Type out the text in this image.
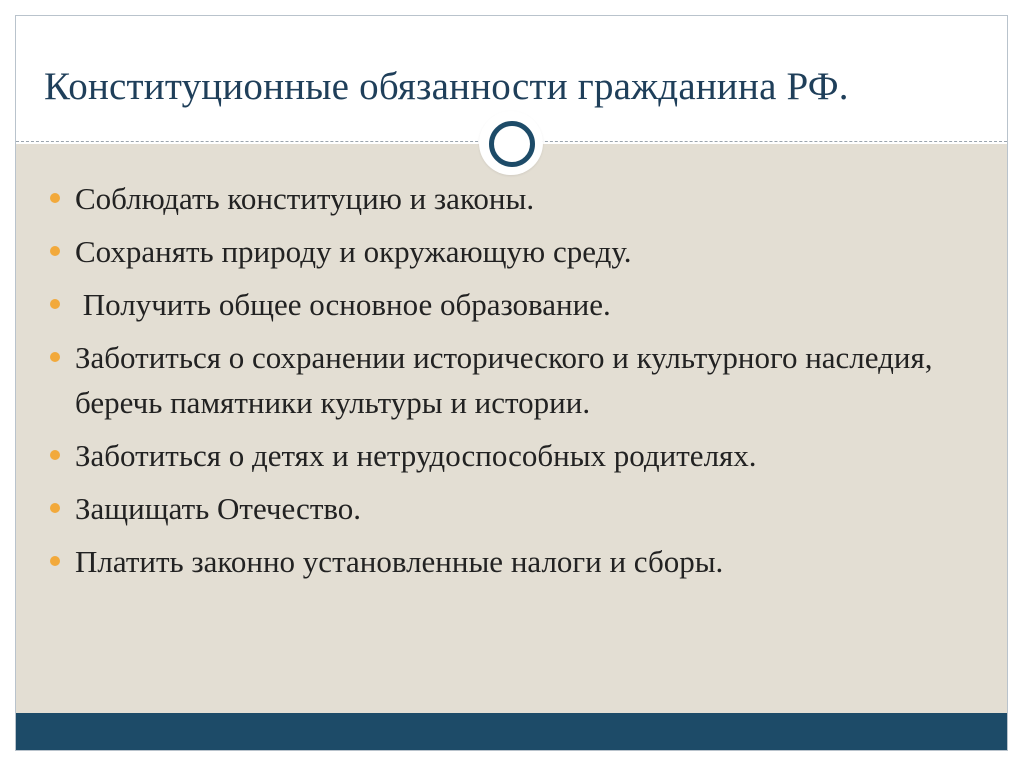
Конституционные обязанности гражданина РФ.
Соблюдать конституцию и законы.
Сохранять природу и окружающую среду.
Получить общее основное образование.
Заботиться о сохранении исторического и культурного наследия, беречь памятники культуры и истории.
Заботиться о детях и нетрудоспособных родителях.
Защищать Отечество.
Платить законно установленные налоги и сборы.
